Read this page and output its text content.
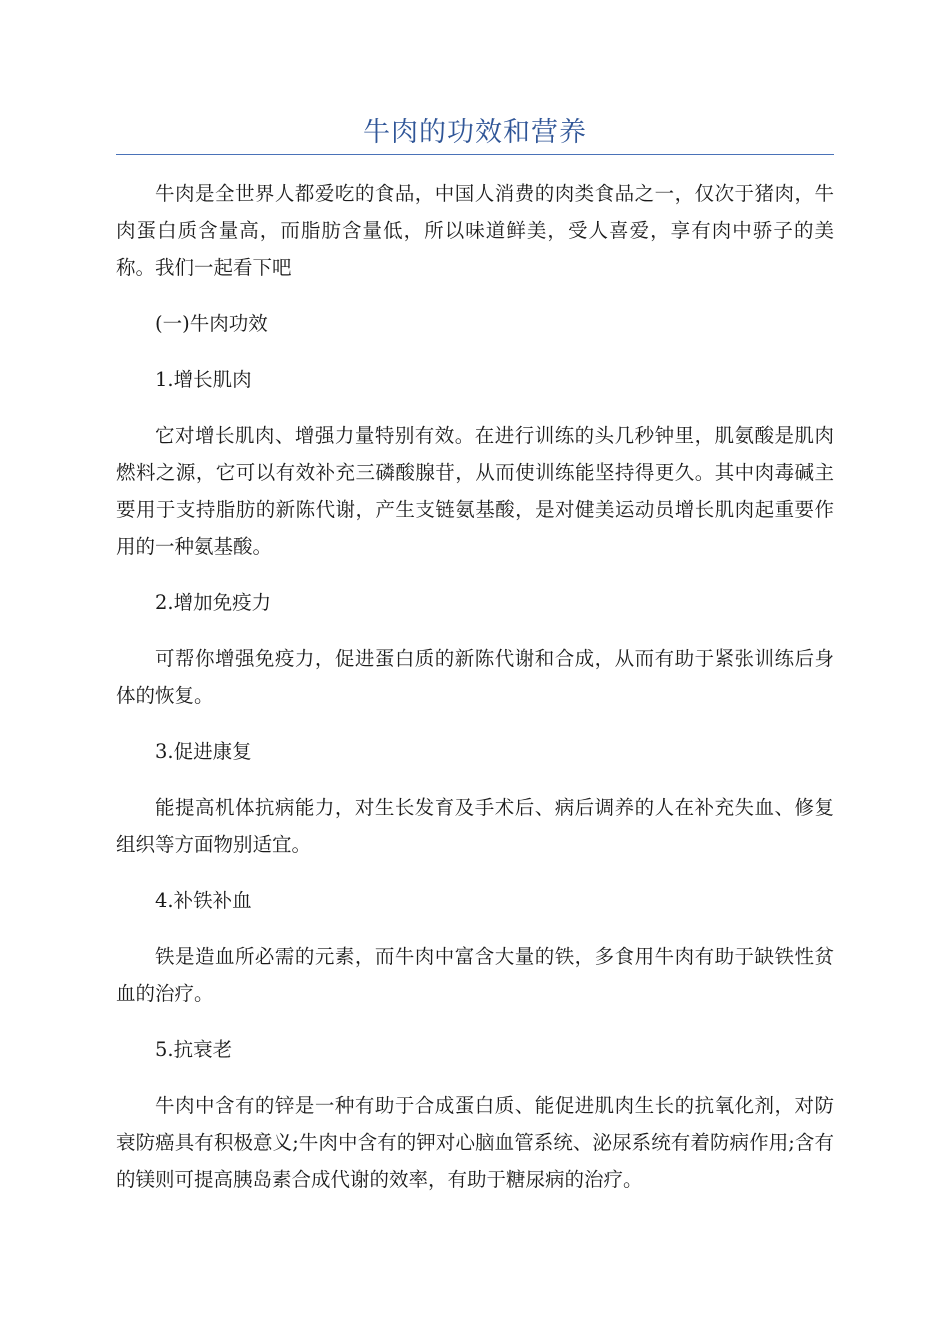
牛肉的功效和营养

牛肉是全世界人都爱吃的食品，中国人消费的肉类食品之一，仅次于猪肉，牛肉蛋白质含量高，而脂肪含量低，所以味道鲜美，受人喜爱，享有肉中骄子的美称。我们一起看下吧

(一)牛肉功效
1.增长肌肉

它对增长肌肉、增强力量特别有效。在进行训练的头几秒钟里，肌氨酸是肌肉燃料之源，它可以有效补充三磷酸腺苷，从而使训练能坚持得更久。其中肉毒碱主要用于支持脂肪的新陈代谢，产生支链氨基酸，是对健美运动员增长肌肉起重要作用的一种氨基酸。

2.增加免疫力

可帮你增强免疫力，促进蛋白质的新陈代谢和合成，从而有助于紧张训练后身体的恢复。

3.促进康复

能提高机体抗病能力，对生长发育及手术后、病后调养的人在补充失血、修复组织等方面物别适宜。

4.补铁补血

铁是造血所必需的元素，而牛肉中富含大量的铁，多食用牛肉有助于缺铁性贫血的治疗。

5.抗衰老

牛肉中含有的锌是一种有助于合成蛋白质、能促进肌肉生长的抗氧化剂，对防衰防癌具有积极意义;牛肉中含有的钾对心脑血管系统、泌尿系统有着防病作用;含有的镁则可提高胰岛素合成代谢的效率，有助于糖尿病的治疗。
